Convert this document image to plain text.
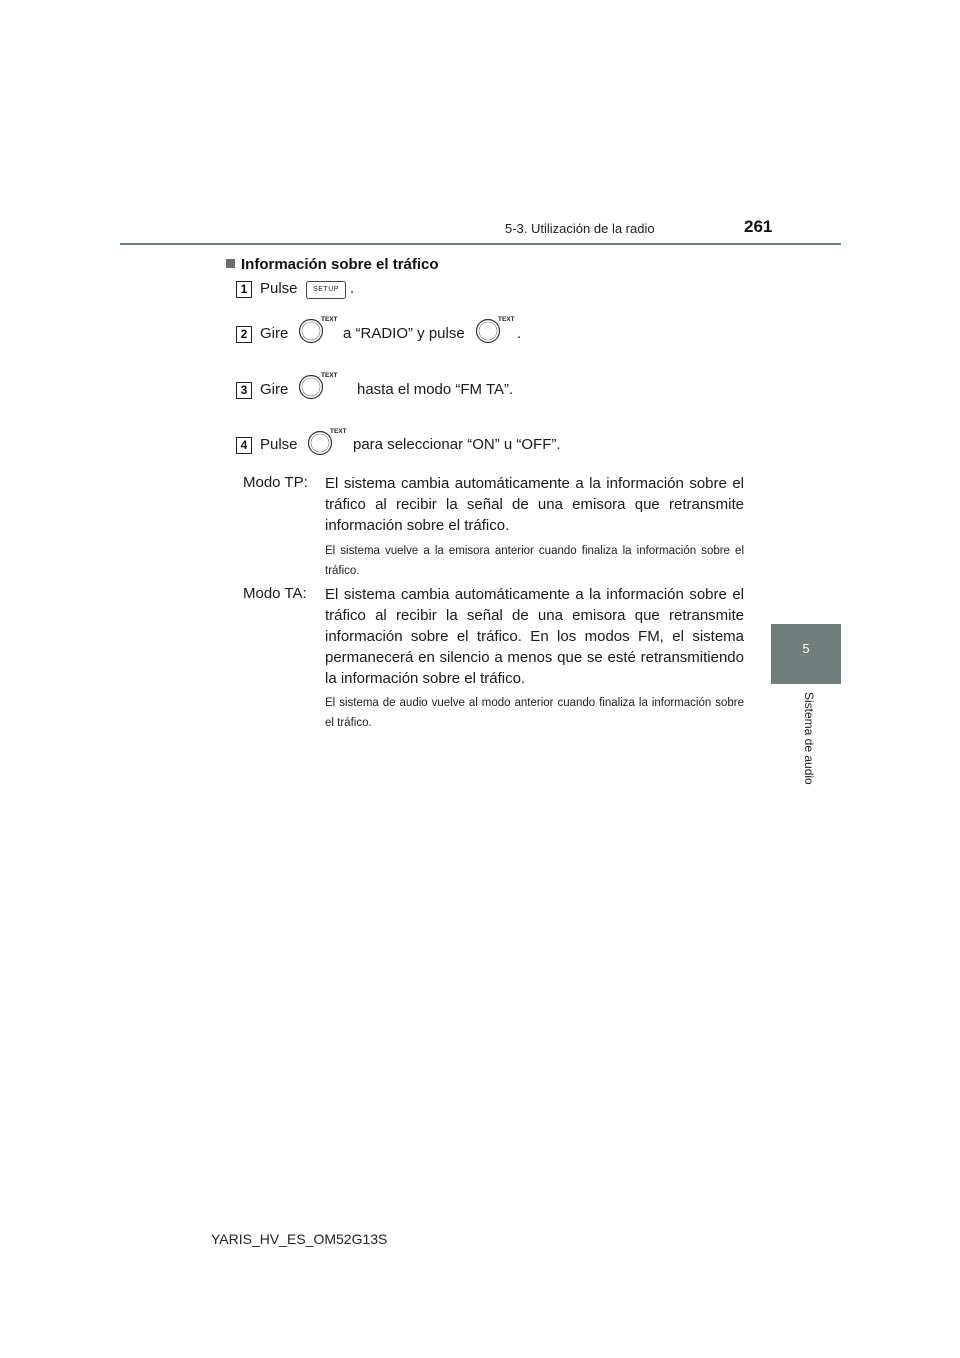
5-3. Utilización de la radio	261
5
Sistema de audio
Información sobre el tráfico
1 Pulse	SETUP .
2 Gire
TEXT
a “RADIO” y pulse
TEXT
.
3 Gire
TEXT
hasta el modo “FM TA”.
4 Pulse
TEXT
para seleccionar “ON” u “OFF”.
Modo TP: El sistema cambia automáticamente a la información sobre el tráfico al recibir la señal de una emisora que retransmite información sobre el tráfico.
El sistema vuelve a la emisora anterior cuando finaliza la información sobre el tráfico.
Modo TA: El sistema cambia automáticamente a la información sobre el tráfico al recibir la señal de una emisora que retransmite información sobre el tráfico. En los modos FM, el sistema permanecerá en silencio a menos que se esté retransmitiendo la información sobre el tráfico.
El sistema de audio vuelve al modo anterior cuando finaliza la información sobre el tráfico.
YARIS_HV_ES_OM52G13S
